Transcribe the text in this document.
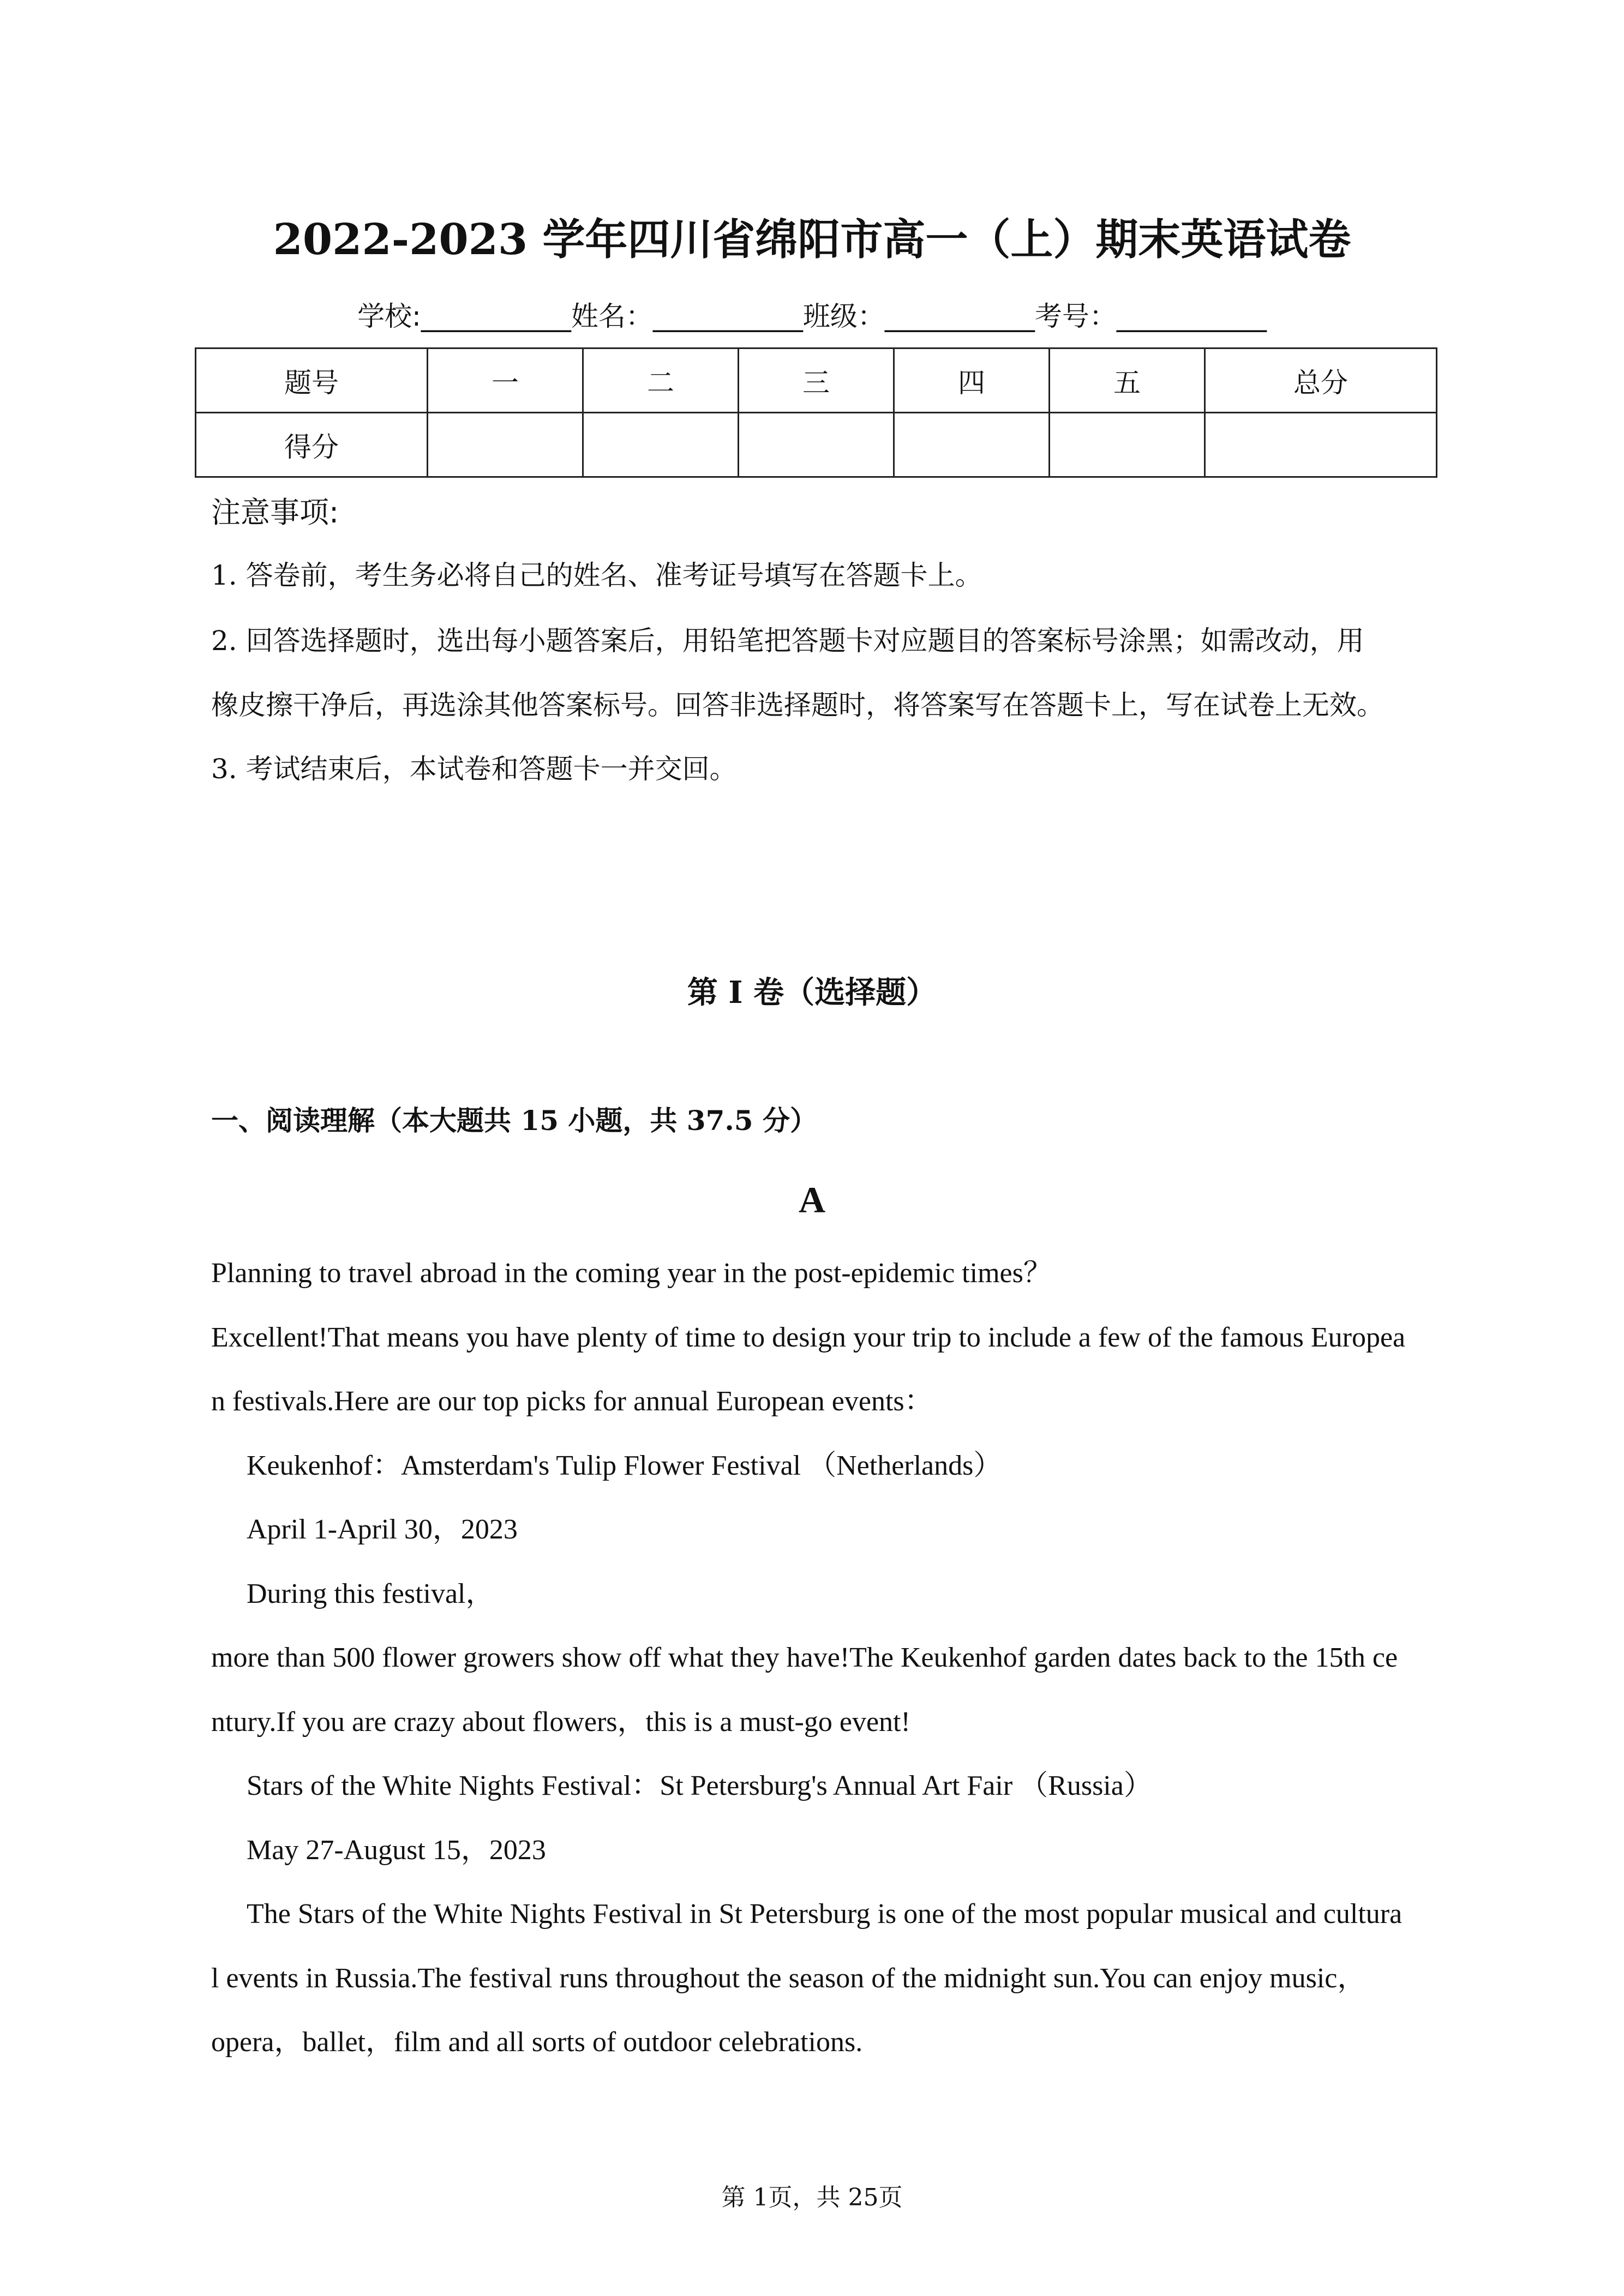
2022-2023 学年四川省绵阳市高一（上）期末英语试卷
学校:___________姓名：___________班级：___________考号：___________
题号	一	二	三	四	五	总分
得分						
注意事项:
1. 答卷前，考生务必将自己的姓名、准考证号填写在答题卡上。
2. 回答选择题时，选出每小题答案后，用铅笔把答题卡对应题目的答案标号涂黑；如需改动，用
橡皮擦干净后，再选涂其他答案标号。回答非选择题时，将答案写在答题卡上，写在试卷上无效。
3. 考试结束后，本试卷和答题卡一并交回。
第 I 卷（选择题）
一、阅读理解（本大题共 15 小题，共 37.5 分）
A
Planning to travel abroad in the coming year in the post-epidemic times？
Excellent!That means you have plenty of time to design your trip to include a few of the famous Europea
n festivals.Here are our top picks for annual European events：
Keukenhof：Amsterdam's Tulip Flower Festival （Netherlands）
April 1-April 30，2023
During this festival，
more than 500 flower growers show off what they have!The Keukenhof garden dates back to the 15th ce
ntury.If you are crazy about flowers，this is a must-go event!
Stars of the White Nights Festival：St Petersburg's Annual Art Fair （Russia）
May 27-August 15，2023
The Stars of the White Nights Festival in St Petersburg is one of the most popular musical and cultura
l events in Russia.The festival runs throughout the season of the midnight sun.You can enjoy music，
opera，ballet，film and all sorts of outdoor celebrations.
第 1页，共 25页
